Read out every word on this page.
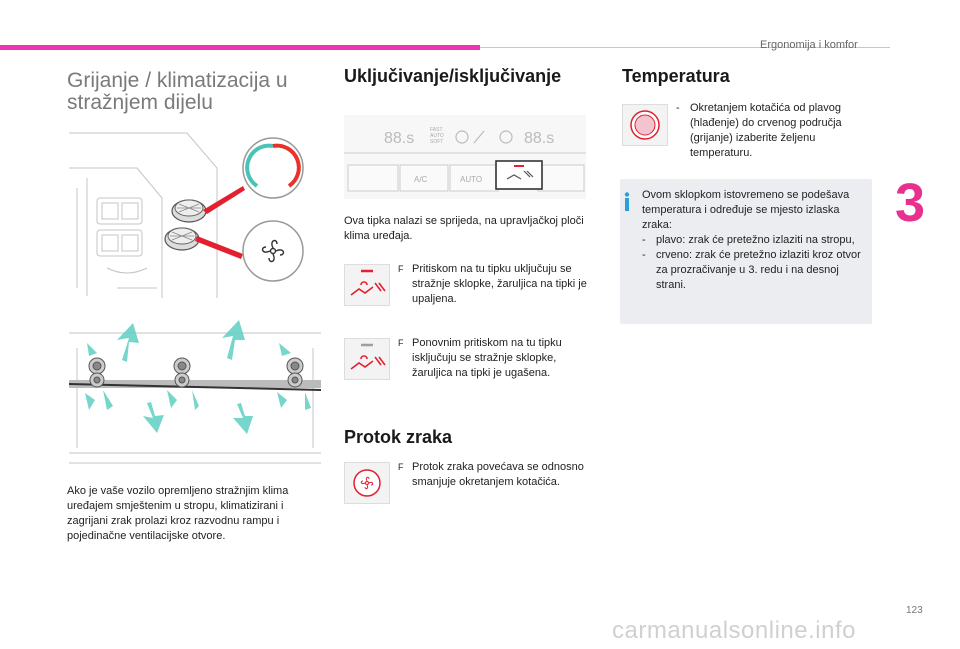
Ergonomija i komfor
3
Grijanje / klimatizacija u
stražnjem dijelu
Ako je vaše vozilo opremljeno stražnjim klima uređajem smještenim u stropu, klimatizirani i zagrijani zrak prolazi kroz razvodnu rampu i pojedinačne ventilacijske otvore.
Uključivanje/isključivanje
88.s	88.s
FAST
AUTO
SOFT
A/C	AUTO
Ova tipka nalazi se sprijeda, na upravljačkoj ploči klima uređaja.
F Pritiskom na tu tipku uključuju se stražnje sklopke, žaruljica na tipki je upaljena.
F Ponovnim pritiskom na tu tipku isključuju se stražnje sklopke, žaruljica na tipki je ugašena.
Protok zraka
F Protok zraka povećava se odnosno smanjuje okretanjem kotačića.
Temperatura
- Okretanjem kotačića od plavog (hlađenje) do crvenog područja (grijanje) izaberite željenu temperaturu.
Ovom sklopkom istovremeno se podešava temperatura i određuje se mjesto izlaska zraka:
- plavo: zrak će pretežno izlaziti na stropu,
- crveno: zrak će pretežno izlaziti kroz otvor za prozračivanje u 3. redu i na desnoj strani.
123
carmanualsonline.info
